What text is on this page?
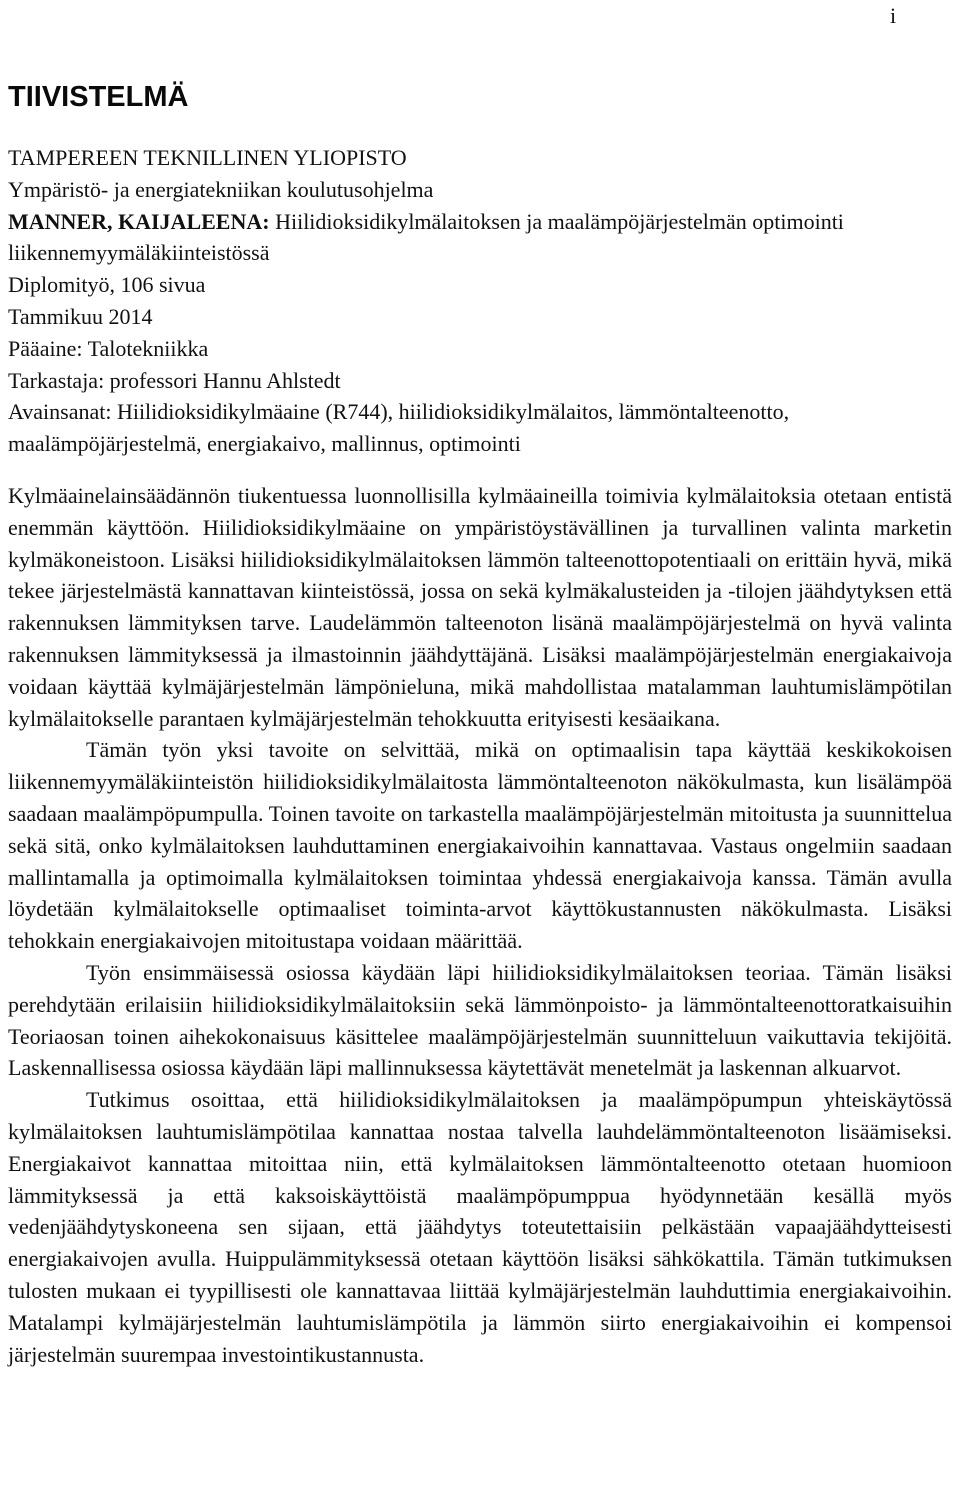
i
TIIVISTELMÄ
TAMPEREEN TEKNILLINEN YLIOPISTO
Ympäristö- ja energiatekniikan koulutusohjelma
MANNER, KAIJALEENA: Hiilidioksidikylmälaitoksen ja maalämpöjärjestelmän optimointi liikennemyymäläkiinteistössä
Diplomityö, 106 sivua
Tammikuu 2014
Pääaine: Talotekniikka
Tarkastaja: professori Hannu Ahlstedt
Avainsanat: Hiilidioksidikylmäaine (R744), hiilidioksidikylmälaitos, lämmöntalteenotto, maalämpöjärjestelmä, energiakaivo, mallinnus, optimointi

Kylmäainelainsäädännön tiukentuessa luonnollisilla kylmäaineilla toimivia kylmälaitoksia otetaan entistä enemmän käyttöön. Hiilidioksidikylmäaine on ympäristöystävällinen ja turvallinen valinta marketin kylmäkoneistoon. Lisäksi hiilidioksidikylmälaitoksen lämmön talteenottopotentiaali on erittäin hyvä, mikä tekee järjestelmästä kannattavan kiinteistössä, jossa on sekä kylmäkalusteiden ja -tilojen jäähdytyksen että rakennuksen lämmityksen tarve. Laudelämmön talteenoton lisänä maalämpöjärjestelmä on hyvä valinta rakennuksen lämmityksessä ja ilmastoinnin jäähdyttäjänä. Lisäksi maalämpöjärjestelmän energiakaivoja voidaan käyttää kylmäjärjestelmän lämpönieluna, mikä mahdollistaa matalamman lauhtumislämpötilan kylmälaitokselle parantaen kylmäjärjestelmän tehokkuutta erityisesti kesäaikana.

Tämän työn yksi tavoite on selvittää, mikä on optimaalisin tapa käyttää keskikokoisen liikennemyymäläkiinteistön hiilidioksidikylmälaitosta lämmöntalteenoton näkökulmasta, kun lisälämpöä saadaan maalämpöpumpulla. Toinen tavoite on tarkastella maalämpöjärjestelmän mitoitusta ja suunnittelua sekä sitä, onko kylmälaitoksen lauhduttaminen energiakaivoihin kannattavaa. Vastaus ongelmiin saadaan mallintamalla ja optimoimalla kylmälaitoksen toimintaa yhdessä energiakaivoja kanssa. Tämän avulla löydetään kylmälaitokselle optimaaliset toiminta-arvot käyttökustannusten näkökulmasta. Lisäksi tehokkain energiakaivojen mitoitustapa voidaan määrittää.

Työn ensimmäisessä osiossa käydään läpi hiilidioksidikylmälaitoksen teoriaa. Tämän lisäksi perehdytään erilaisiin hiilidioksidikylmälaitoksiin sekä lämmönpoisto- ja lämmöntalteenottoratkaisuihin Teoriaosan toinen aihekokonaisuus käsittelee maalämpöjärjestelmän suunnitteluun vaikuttavia tekijöitä. Laskennallisessa osiossa käydään läpi mallinnuksessa käytettävät menetelmät ja laskennan alkuarvot.

Tutkimus osoittaa, että hiilidioksidikylmälaitoksen ja maalämpöpumpun yhteiskäytössä kylmälaitoksen lauhtumislämpötilaa kannattaa nostaa talvella lauhdelämmöntalteenoton lisäämiseksi. Energiakaivot kannattaa mitoittaa niin, että kylmälaitoksen lämmöntalteenotto otetaan huomioon lämmityksessä ja että kaksoiskäyttöistä maalämpöpumppua hyödynnetään kesällä myös vedenjäähdytyskoneena sen sijaan, että jäähdytys toteutettaisiin pelkästään vapaajäähdytteisesti energiakaivojen avulla. Huippulämmityksessä otetaan käyttöön lisäksi sähkökattila. Tämän tutkimuksen tulosten mukaan ei tyypillisesti ole kannattavaa liittää kylmäjärjestelmän lauhduttimia energiakaivoihin. Matalampi kylmäjärjestelmän lauhtumislämpötila ja lämmön siirto energiakaivoihin ei kompensoi järjestelmän suurempaa investointikustannusta.
